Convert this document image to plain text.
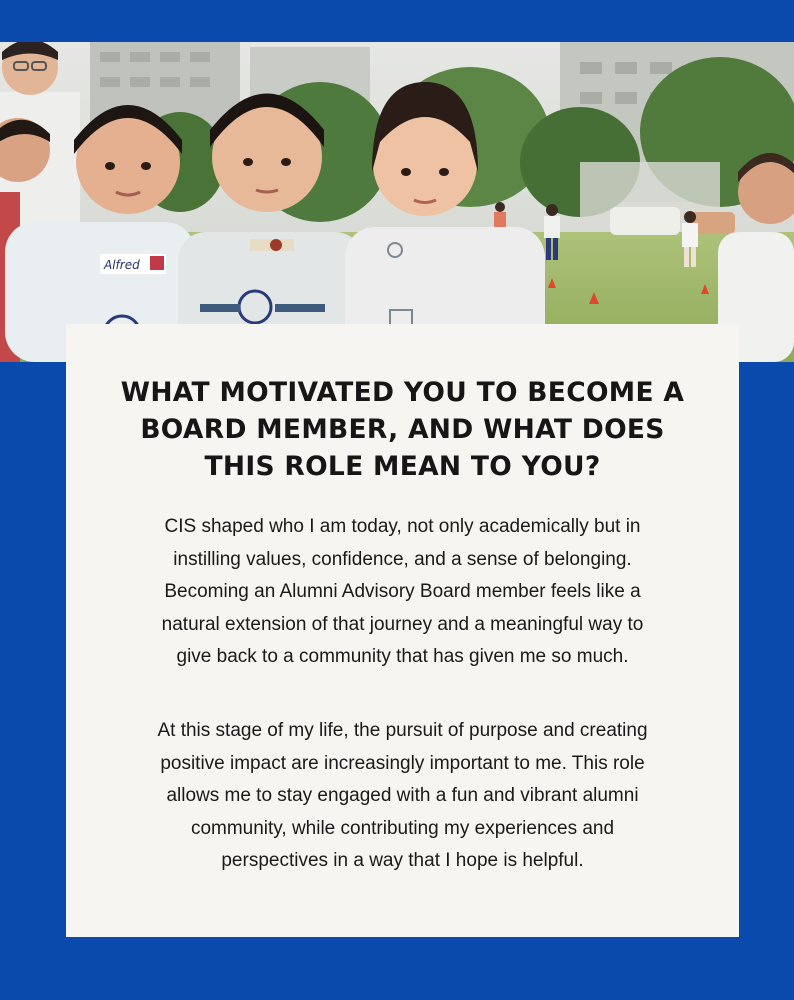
Alfred
WHAT MOTIVATED YOU TO BECOME A
BOARD MEMBER, AND WHAT DOES
THIS ROLE MEAN TO YOU?

CIS shaped who I am today, not only academically but in
instilling values, confidence, and a sense of belonging.
Becoming an Alumni Advisory Board member feels like a
natural extension of that journey and a meaningful way to
give back to a community that has given me so much.

At this stage of my life, the pursuit of purpose and creating
positive impact are increasingly important to me. This role
allows me to stay engaged with a fun and vibrant alumni
community, while contributing my experiences and
perspectives in a way that I hope is helpful.
